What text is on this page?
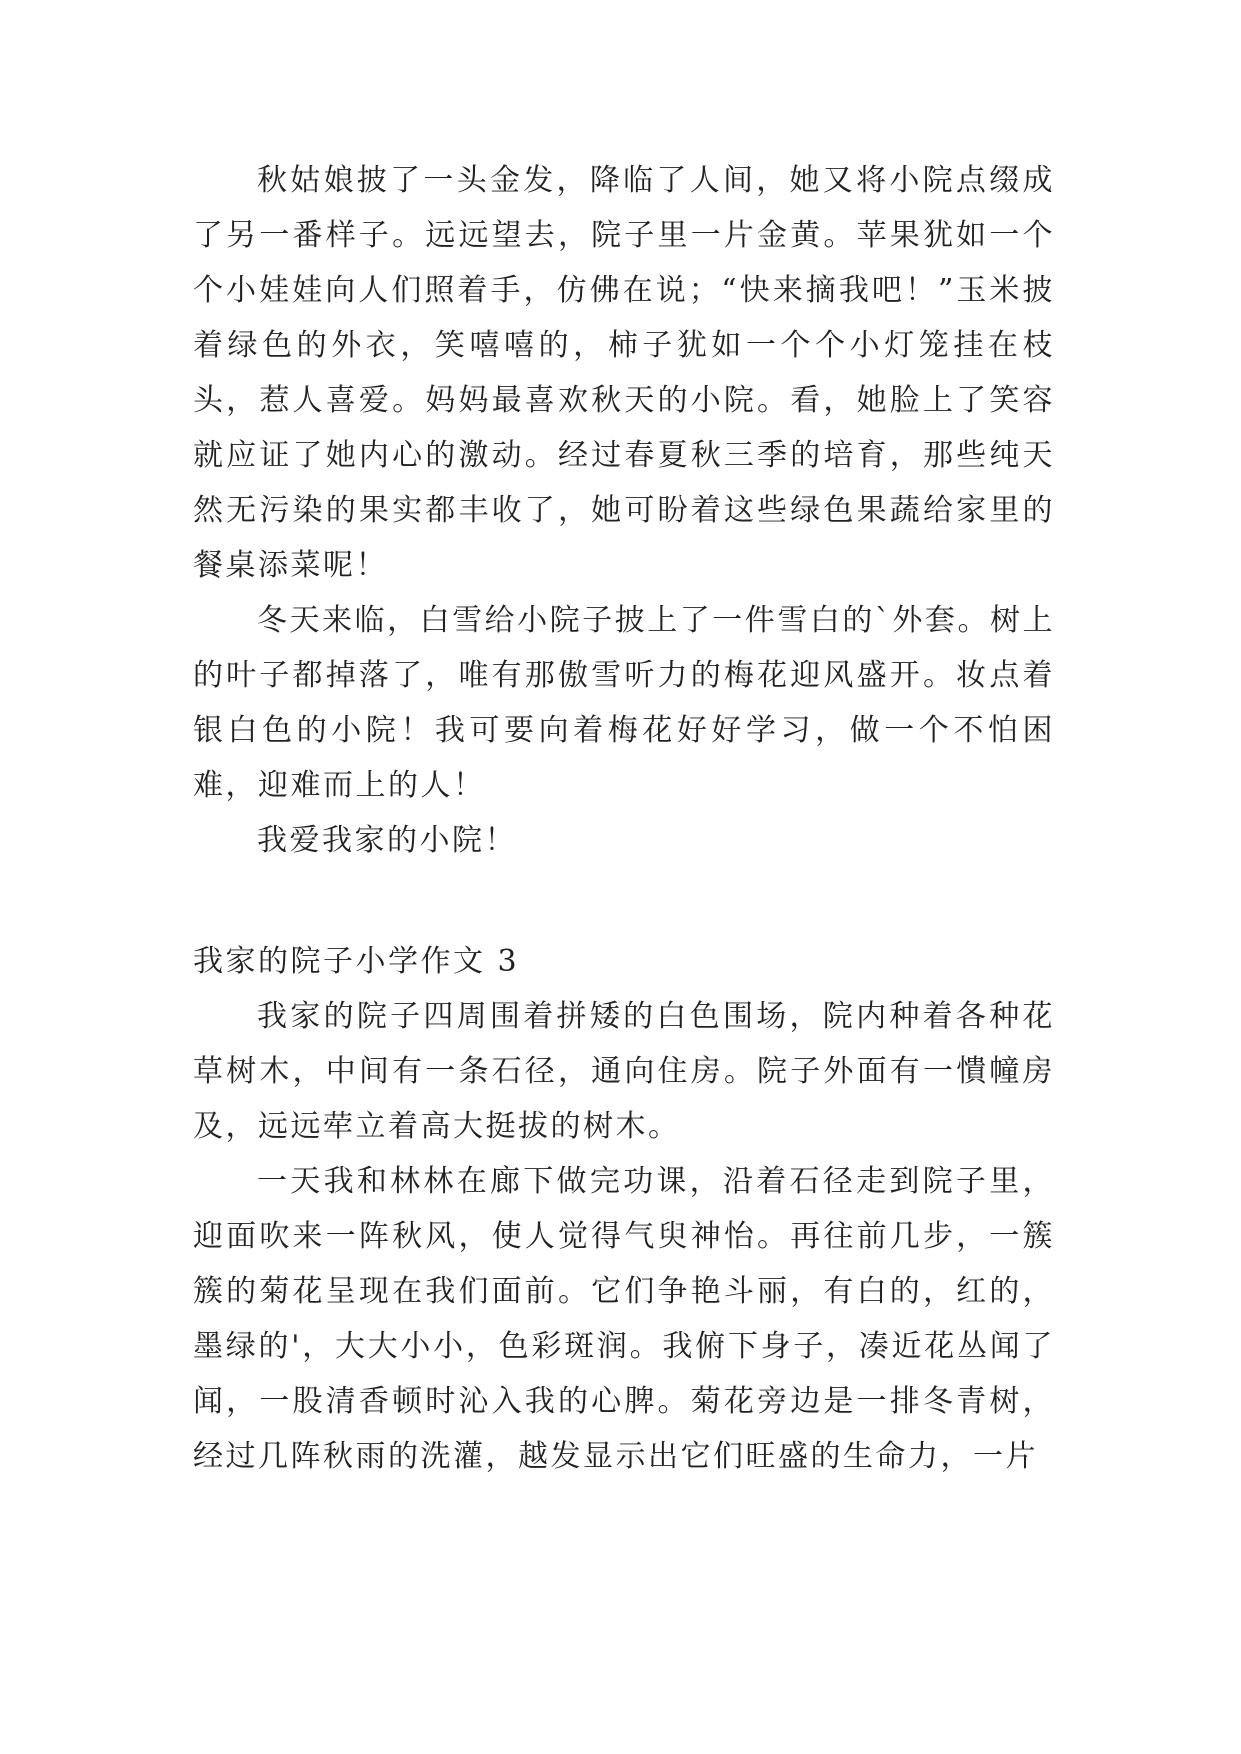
秋姑娘披了一头金发，降临了人间，她又将小院点缀成了另一番样子。远远望去，院子里一片金黄。苹果犹如一个个小娃娃向人们照着手，仿佛在说；“快来摘我吧！”玉米披着绿色的外衣，笑嘻嘻的，柿子犹如一个个小灯笼挂在枝头，惹人喜爱。妈妈最喜欢秋天的小院。看，她脸上了笑容就应证了她内心的激动。经过春夏秋三季的培育，那些纯天然无污染的果实都丰收了，她可盼着这些绿色果蔬给家里的餐桌添菜呢！

冬天来临，白雪给小院子披上了一件雪白的`外套。树上的叶子都掉落了，唯有那傲雪听力的梅花迎风盛开。妆点着银白色的小院！我可要向着梅花好好学习，做一个不怕困难，迎难而上的人！

我爱我家的小院！

我家的院子小学作文 3

我家的院子四周围着拼矮的白色围场，院内种着各种花草树木，中间有一条石径，通向住房。院子外面有一憒幢房及，远远荦立着高大挺拔的树木。

一天我和林林在廊下做完功课，沿着石径走到院子里，迎面吹来一阵秋风，使人觉得气臾神怡。再往前几步，一簇簇的菊花呈现在我们面前。它们争艳斗丽，有白的，红的，墨绿的'，大大小小，色彩斑润。我俯下身子，凑近花丛闻了闻，一股清香顿时沁入我的心脾。菊花旁边是一排冬青树，经过几阵秋雨的洗灌，越发显示出它们旺盛的生命力，一片
